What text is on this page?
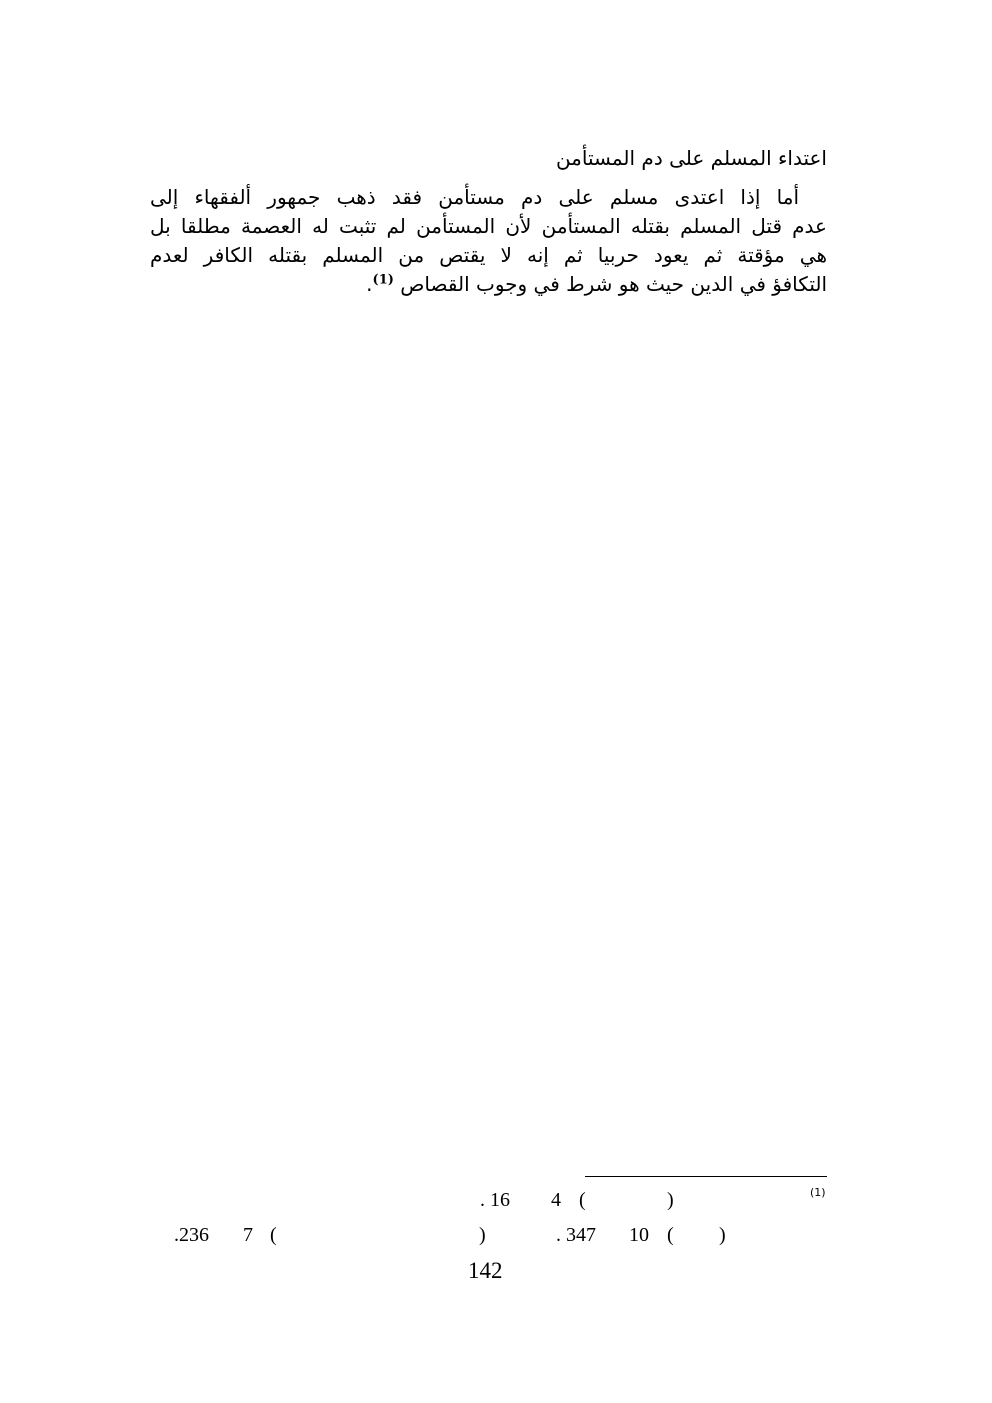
اعتداء المسلم على دم المستأمن
أما إذا اعتدى مسلم على دم مستأمن فقد ذهب جمهور ألفقهاء إلى
عدم قتل المسلم بقتله المستأمن لأن المستأمن لم تثبت له العصمة مطلقا بل
هي مؤقتة ثم يعود حربيا ثم إنه لا يقتص من المسلم بقتله الكافر لعدم
التكافؤ في الدين حيث هو شرط في وجوب القصاص $^{(1)}$.
(1)
. 16 4 (	)
.236 7 (	)	. 347 10 ( )
142
